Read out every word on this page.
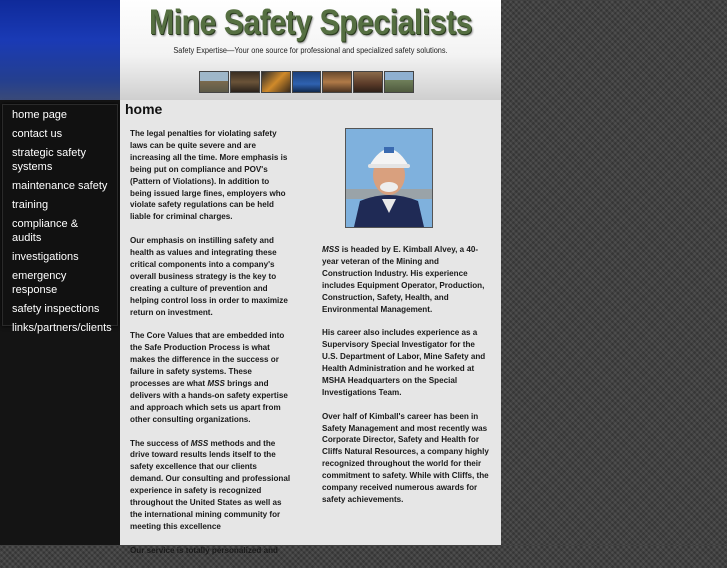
home page
contact us
strategic safety systems
maintenance safety
training
compliance & audits
investigations
emergency response
safety inspections
links/partners/clients
Mine Safety Specialists
Safety Expertise—Your one source for professional and specialized safety solutions.
home

The legal penalties for violating safety laws can be quite severe and are increasing all the time. More emphasis is being put on compliance and POV's (Pattern of Violations). In addition to being issued large fines, employers who violate safety regulations can be held liable for criminal charges.

Our emphasis on instilling safety and health as values and integrating these critical components into a company's overall business strategy is the key to creating a culture of prevention and helping control loss in order to maximize return on investment.

The Core Values that are embedded into the Safe Production Process is what makes the difference in the success or failure in safety systems. These processes are what MSS brings and delivers with a hands-on safety expertise and approach which sets us apart from other consulting organizations.

The success of MSS methods and the drive toward results lends itself to the safety excellence that our clients demand. Our consulting and professional experience in safety is recognized throughout the United States as well as the international mining community for meeting this excellence

Our service is totally personalized and

MSS is headed by E. Kimball Alvey, a 40-year veteran of the Mining and Construction Industry. His experience includes Equipment Operator, Production, Construction, Safety, Health, and Environmental Management.

His career also includes experience as a Supervisory Special Investigator for the U.S. Department of Labor, Mine Safety and Health Administration and he worked at MSHA Headquarters on the Special Investigations Team.

Over half of Kimball's career has been in Safety Management and most recently was Corporate Director, Safety and Health for Cliffs Natural Resources, a company highly recognized throughout the world for their commitment to safety. While with Cliffs, the company received numerous awards for safety achievements.
